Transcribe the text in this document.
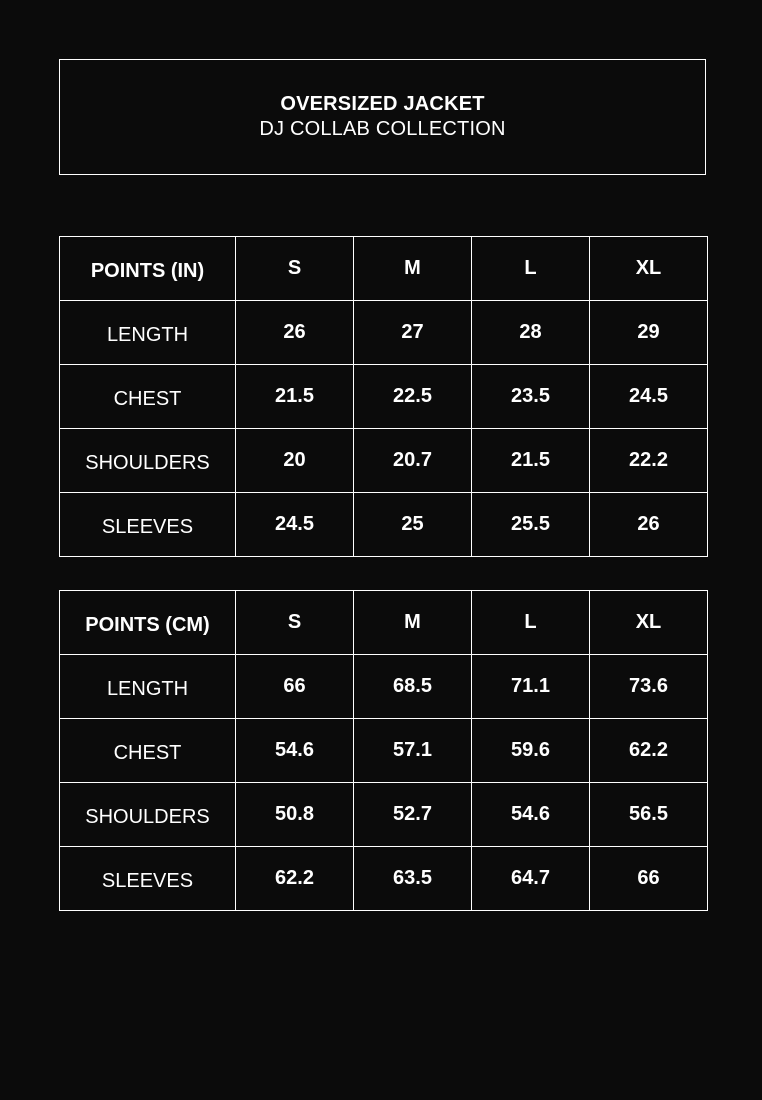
OVERSIZED JACKET
DJ COLLAB COLLECTION
POINTS (IN)	S	M	L	XL
LENGTH	26	27	28	29
CHEST	21.5	22.5	23.5	24.5
SHOULDERS	20	20.7	21.5	22.2
SLEEVES	24.5	25	25.5	26
POINTS (CM)	S	M	L	XL
LENGTH	66	68.5	71.1	73.6
CHEST	54.6	57.1	59.6	62.2
SHOULDERS	50.8	52.7	54.6	56.5
SLEEVES	62.2	63.5	64.7	66
